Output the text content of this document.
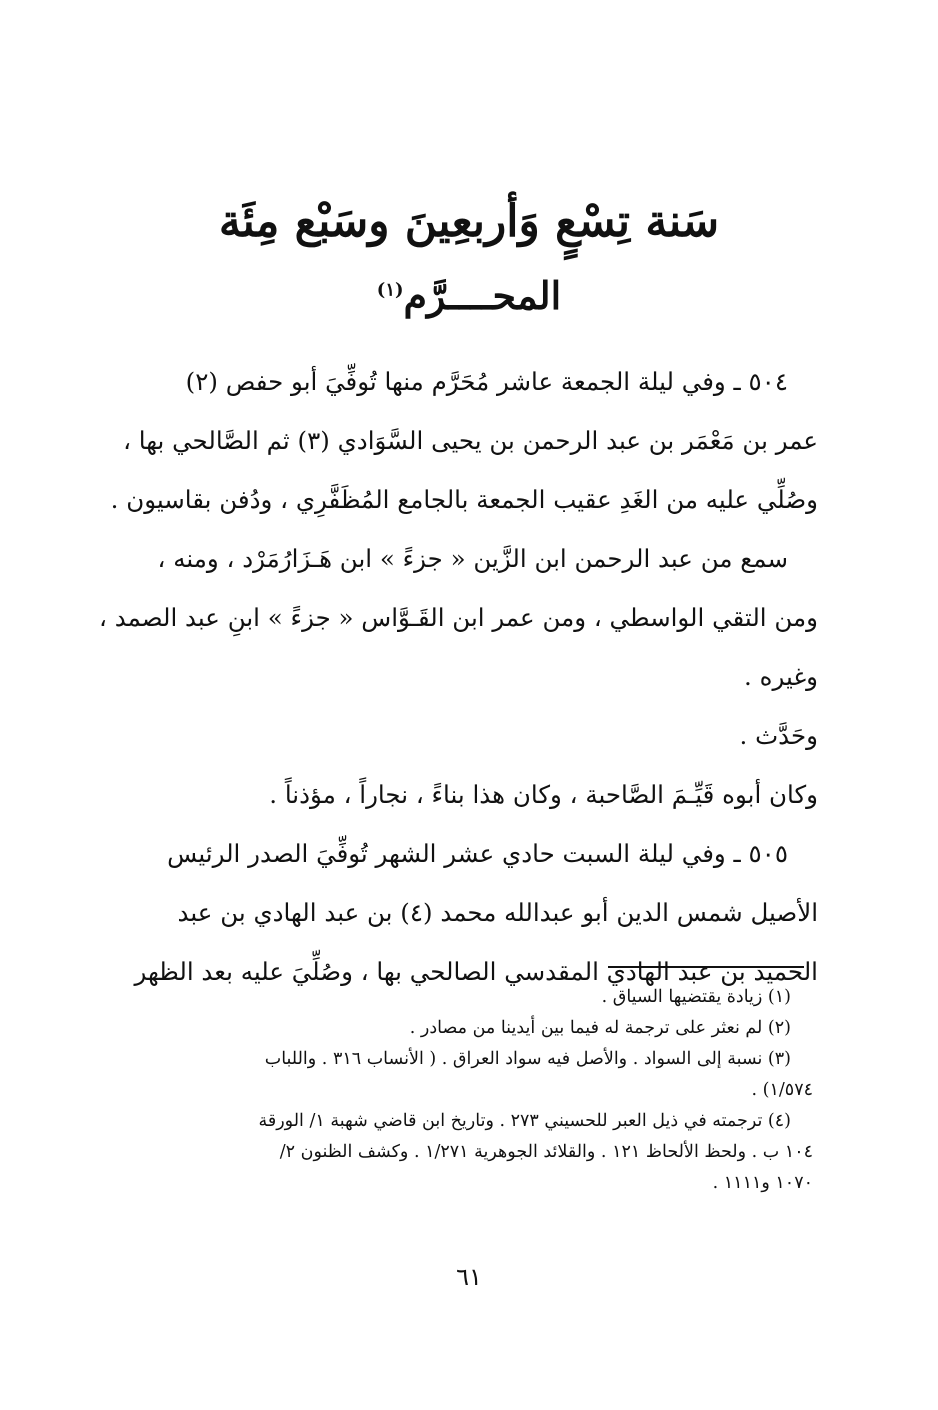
سَنة تِسْعٍ وَأربعِينَ وسَبْع مِئَة
المحــــرَّم$^{(١)}$
٥٠٤ ـ وفي ليلة الجمعة عاشر مُحَرَّم منها تُوفِّيَ أبو حفص (٢)
عمر بن مَعْمَر بن عبد الرحمن بن يحيى السَّوَادي (٣) ثم الصَّالحي بها ،
وصُلِّي عليه من الغَدِ عقيب الجمعة بالجامع المُظَفَّرِي ، ودُفن بقاسيون .
سمع من عبد الرحمن ابن الزَّين « جزءً » ابن هَـزَارُمَرْد ، ومنه ،
ومن التقي الواسطي ، ومن عمر ابن القَـوَّاس « جزءً » ابنِ عبد الصمد ،
وغيره .
وحَدَّث .
وكان أبوه قَيِّـمَ الصَّاحبة ، وكان هذا بناءً ، نجاراً ، مؤذناً .
٥٠٥ ـ وفي ليلة السبت حادي عشر الشهر تُوفِّيَ الصدر الرئيس
الأصيل شمس الدين أبو عبدالله محمد (٤) بن عبد الهادي بن عبد
الحميد بن عبد الهادي المقدسي الصالحي بها ، وصُلِّيَ عليه بعد الظهر
(١) زيادة يقتضيها السياق .
(٢) لم نعثر على ترجمة له فيما بين أيدينا من مصادر .
(٣) نسبة إلى السواد . والأصل فيه سواد العراق . ( الأنساب ٣١٦ . واللباب
١/٥٧٤) .
(٤) ترجمته في ذيل العبر للحسيني ٢٧٣ . وتاريخ ابن قاضي شهبة ١/ الورقة
١٠٤ ب . ولحظ الألحاظ ١٢١ . والقلائد الجوهرية ١/٢٧١ . وكشف الظنون ٢/
١٠٧٠ و١١١١ .
٦١
